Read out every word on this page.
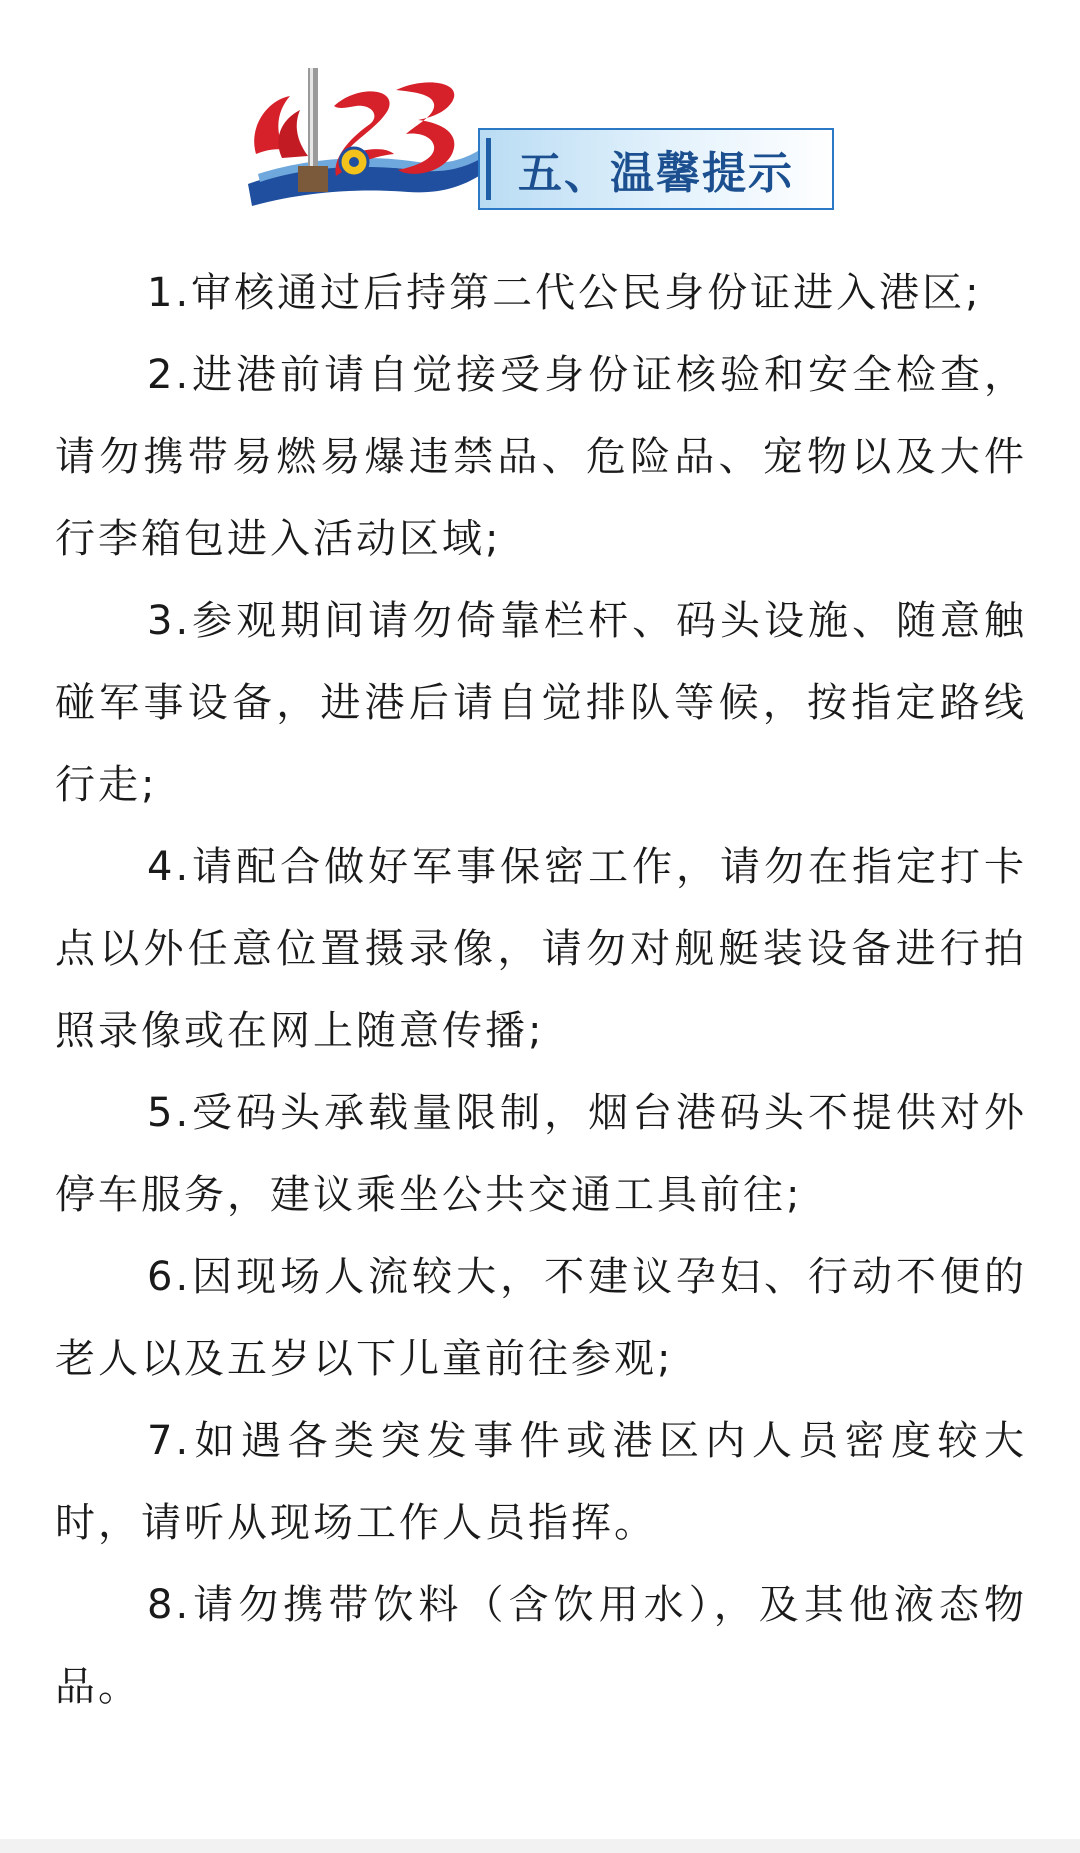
1949-2024
五、温馨提示

1.审核通过后持第二代公民身份证进入港区;

2.进港前请自觉接受身份证核验和安全检查，请勿携带易燃易爆违禁品、危险品、宠物以及大件行李箱包进入活动区域;

3.参观期间请勿倚靠栏杆、码头设施、随意触碰军事设备，进港后请自觉排队等候，按指定路线行走;

4.请配合做好军事保密工作，请勿在指定打卡点以外任意位置摄录像，请勿对舰艇装设备进行拍照录像或在网上随意传播;

5.受码头承载量限制，烟台港码头不提供对外停车服务，建议乘坐公共交通工具前往;

6.因现场人流较大，不建议孕妇、行动不便的老人以及五岁以下儿童前往参观;

7.如遇各类突发事件或港区内人员密度较大时，请听从现场工作人员指挥。

8.请勿携带饮料（含饮用水），及其他液态物品。
